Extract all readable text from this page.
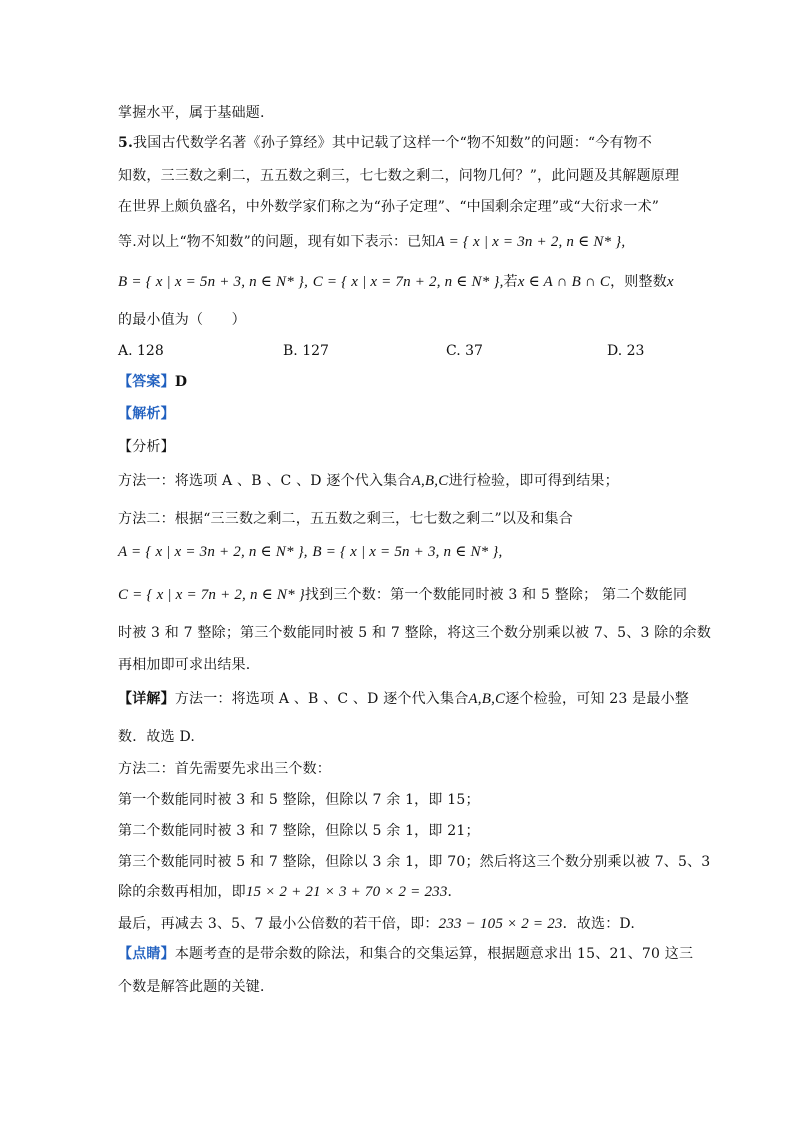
掌握水平，属于基础题.
5.我国古代数学名著《孙子算经》其中记载了这样一个“物不知数”的问题：“今有物不
知数，三三数之剩二，五五数之剩三，七七数之剩二，问物几何？”，此问题及其解题原理
在世界上颇负盛名，中外数学家们称之为“孙子定理”、“中国剩余定理”或“大衍求一术”
等.对以上“物不知数”的问题，现有如下表示：已知A = { x | x = 3n + 2, n ∈ N* },
B = { x | x = 5n + 3, n ∈ N* }, C = { x | x = 7n + 2, n ∈ N* },若x ∈ A ∩ B ∩ C，则整数x
的最小值为（　　）
A. 128	B. 127	C. 37	D. 23
【答案】D
【解析】
【分析】
方法一：将选项 A 、B 、C 、D 逐个代入集合A,B,C进行检验，即可得到结果；
方法二：根据“三三数之剩二，五五数之剩三，七七数之剩二”以及和集合
A = { x | x = 3n + 2, n ∈ N* }, B = { x | x = 5n + 3, n ∈ N* },
C = { x | x = 7n + 2, n ∈ N* }找到三个数：第一个数能同时被 3 和 5 整除； 第二个数能同
时被 3 和 7 整除；第三个数能同时被 5 和 7 整除，将这三个数分别乘以被 7、5、3 除的余数
再相加即可求出结果.
【详解】方法一：将选项 A 、B 、C 、D 逐个代入集合A,B,C逐个检验，可知 23 是最小整
数．故选 D.
方法二：首先需要先求出三个数：
第一个数能同时被 3 和 5 整除，但除以 7 余 1，即 15；
第二个数能同时被 3 和 7 整除，但除以 5 余 1，即 21；
第三个数能同时被 5 和 7 整除，但除以 3 余 1，即 70；然后将这三个数分别乘以被 7、5、3
除的余数再相加，即15 × 2 + 21 × 3 + 70 × 2 = 233．
最后，再减去 3、5、7 最小公倍数的若干倍，即：233 − 105 × 2 = 23．故选：D.
【点睛】本题考查的是带余数的除法，和集合的交集运算，根据题意求出 15、21、70 这三
个数是解答此题的关键．
